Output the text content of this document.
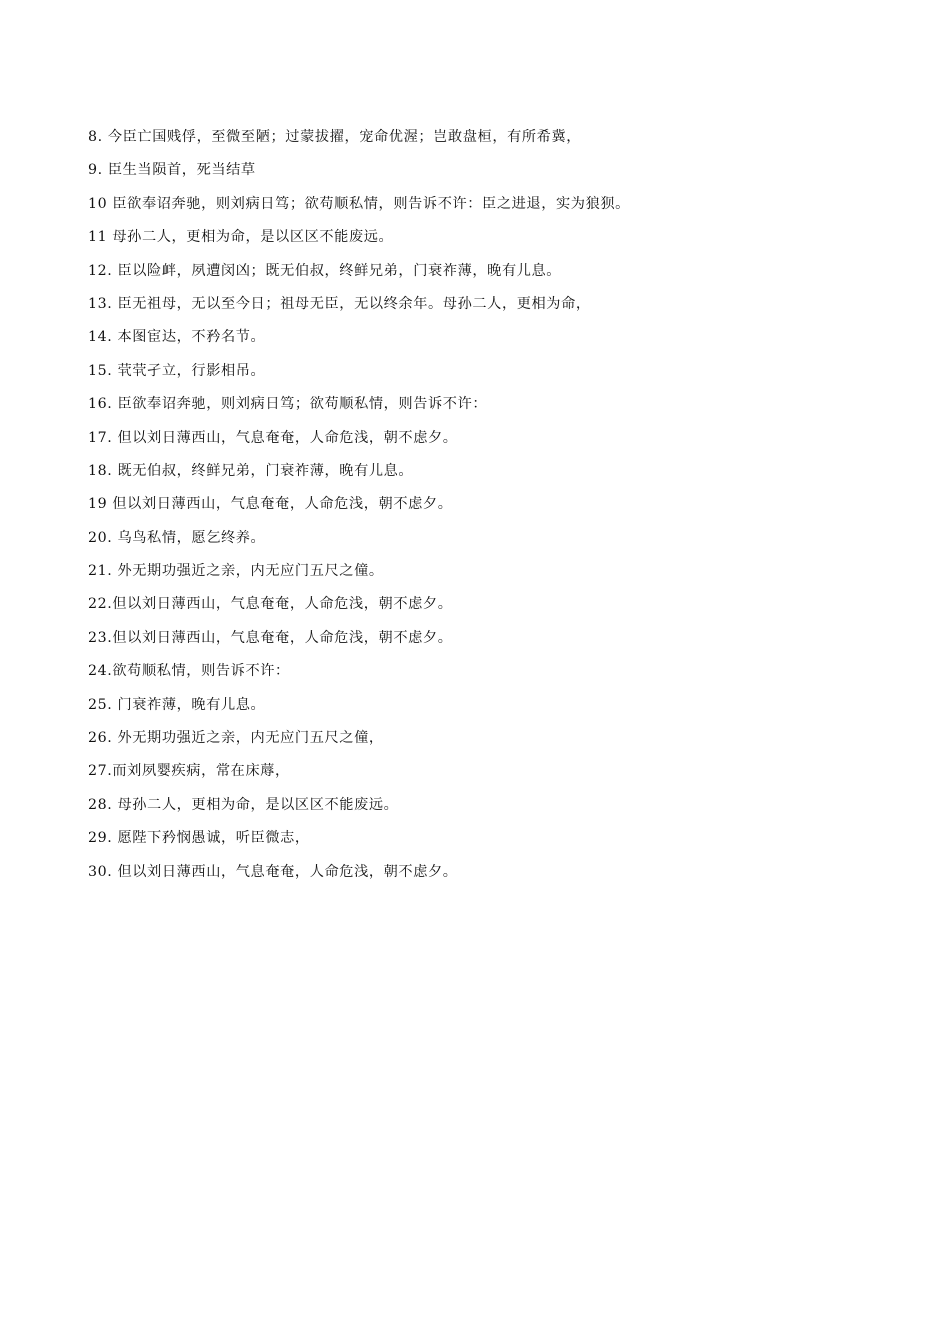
8. 今臣亡国贱俘，至微至陋；过蒙拔擢，宠命优渥；岂敢盘桓，有所希冀，
9. 臣生当陨首，死当结草
10 臣欲奉诏奔驰，则刘病日笃；欲苟顺私情，则告诉不许：臣之进退，实为狼狈。
11 母孙二人，更相为命，是以区区不能废远。
12. 臣以险衅，夙遭闵凶；既无伯叔，终鲜兄弟，门衰祚薄，晚有儿息。
13. 臣无祖母，无以至今日；祖母无臣，无以终余年。母孙二人，更相为命，
14. 本图宦达，不矜名节。
15. 茕茕孑立，行影相吊。
16. 臣欲奉诏奔驰，则刘病日笃；欲苟顺私情，则告诉不许：
17. 但以刘日薄西山，气息奄奄，人命危浅，朝不虑夕。
18. 既无伯叔，终鲜兄弟，门衰祚薄，晚有儿息。
19 但以刘日薄西山，气息奄奄，人命危浅，朝不虑夕。
20. 乌鸟私情，愿乞终养。
21. 外无期功强近之亲，内无应门五尺之僮。
22.但以刘日薄西山，气息奄奄，人命危浅，朝不虑夕。
23.但以刘日薄西山，气息奄奄，人命危浅，朝不虑夕。
24.欲苟顺私情，则告诉不许：
25. 门衰祚薄，晚有儿息。
26. 外无期功强近之亲，内无应门五尺之僮，
27.而刘夙婴疾病，常在床蓐，
28. 母孙二人，更相为命，是以区区不能废远。
29. 愿陛下矜悯愚诚，听臣微志，
30. 但以刘日薄西山，气息奄奄，人命危浅，朝不虑夕。
